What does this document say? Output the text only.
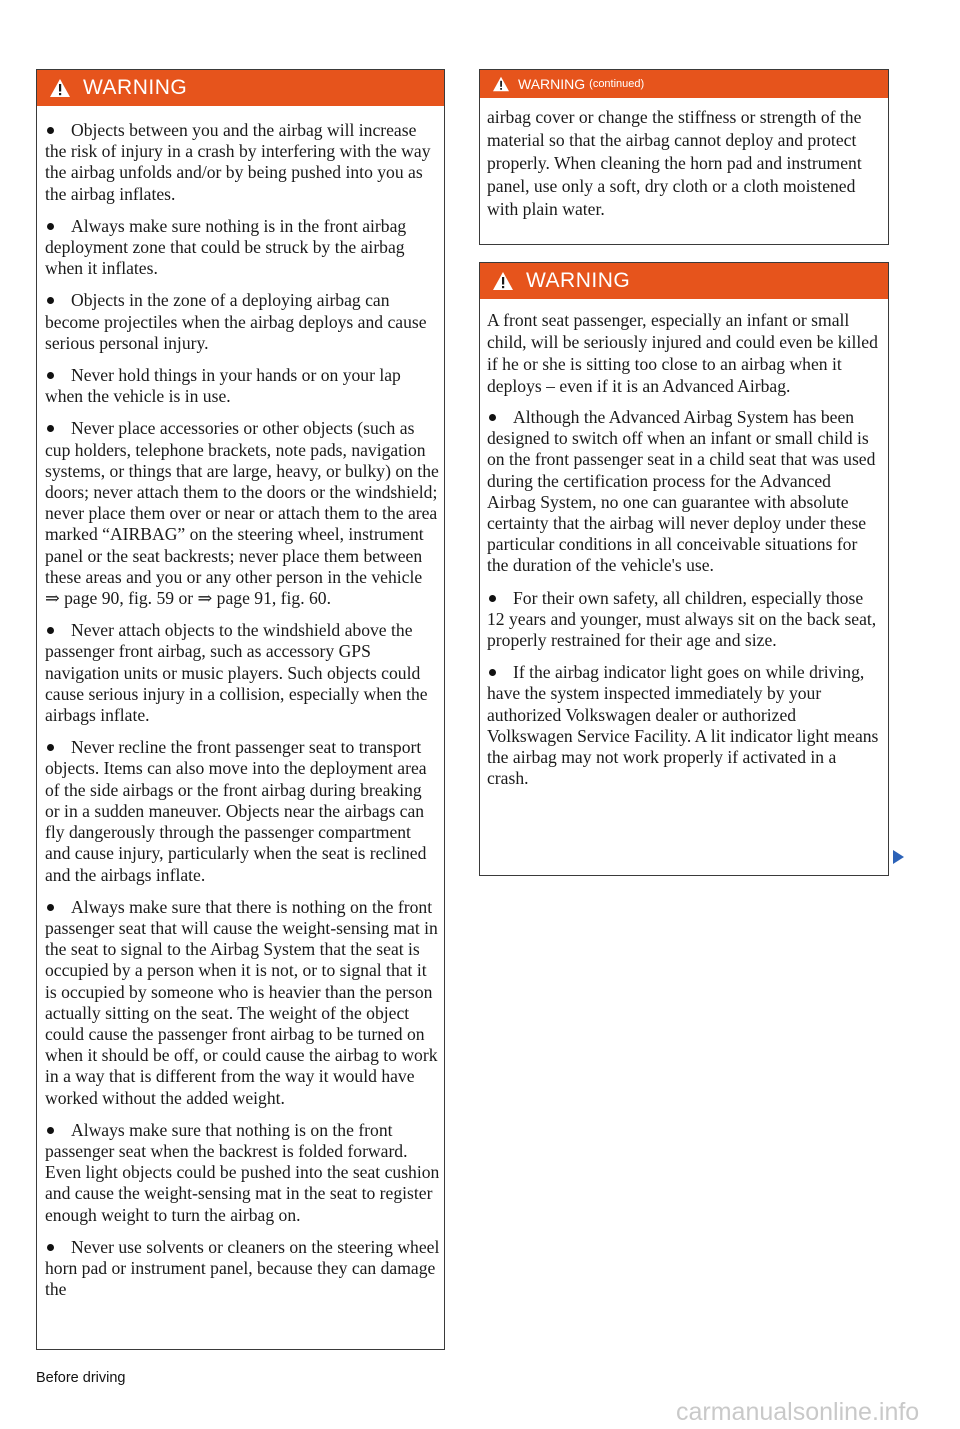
WARNING
Objects between you and the airbag will increase the risk of injury in a crash by interfering with the way the airbag unfolds and/or by being pushed into you as the airbag inflates.
Always make sure nothing is in the front airbag deployment zone that could be struck by the airbag when it inflates.
Objects in the zone of a deploying airbag can become projectiles when the airbag deploys and cause serious personal injury.
Never hold things in your hands or on your lap when the vehicle is in use.
Never place accessories or other objects (such as cup holders, telephone brackets, note pads, navigation systems, or things that are large, heavy, or bulky) on the doors; never attach them to the doors or the windshield; never place them over or near or attach them to the area marked “AIRBAG” on the steering wheel, instrument panel or the seat backrests; never place them between these areas and you or any other person in the vehicle ⇒ page 90, fig. 59 or ⇒ page 91, fig. 60.
Never attach objects to the windshield above the passenger front airbag, such as accessory GPS navigation units or music players. Such objects could cause serious injury in a collision, especially when the airbags inflate.
Never recline the front passenger seat to transport objects. Items can also move into the deployment area of the side airbags or the front airbag during breaking or in a sudden maneuver. Objects near the airbags can fly dangerously through the passenger compartment and cause injury, particularly when the seat is reclined and the airbags inflate.
Always make sure that there is nothing on the front passenger seat that will cause the weight-sensing mat in the seat to signal to the Airbag System that the seat is occupied by a person when it is not, or to signal that it is occupied by someone who is heavier than the person actually sitting on the seat. The weight of the object could cause the passenger front airbag to be turned on when it should be off, or could cause the airbag to work in a way that is different from the way it would have worked without the added weight.
Always make sure that nothing is on the front passenger seat when the backrest is folded forward. Even light objects could be pushed into the seat cushion and cause the weight-sensing mat in the seat to register enough weight to turn the airbag on.
Never use solvents or cleaners on the steering wheel horn pad or instrument panel, because they can damage the
WARNING (continued)

airbag cover or change the stiffness or strength of the material so that the airbag cannot deploy and protect properly. When cleaning the horn pad and instrument panel, use only a soft, dry cloth or a cloth moistened with plain water.

WARNING

A front seat passenger, especially an infant or small child, will be seriously injured and could even be killed if he or she is sitting too close to an airbag when it deploys – even if it is an Advanced Airbag.

Although the Advanced Airbag System has been designed to switch off when an infant or small child is on the front passenger seat in a child seat that was used during the certification process for the Advanced Airbag System, no one can guarantee with absolute certainty that the airbag will never deploy under these particular conditions in all conceivable situations for the duration of the vehicle's use.
For their own safety, all children, especially those 12 years and younger, must always sit on the back seat, properly restrained for their age and size.
If the airbag indicator light goes on while driving, have the system inspected immediately by your authorized Volkswagen dealer or authorized Volkswagen Service Facility. A lit indicator light means the airbag may not work properly if activated in a crash.
Before driving
carmanualsonline.info
